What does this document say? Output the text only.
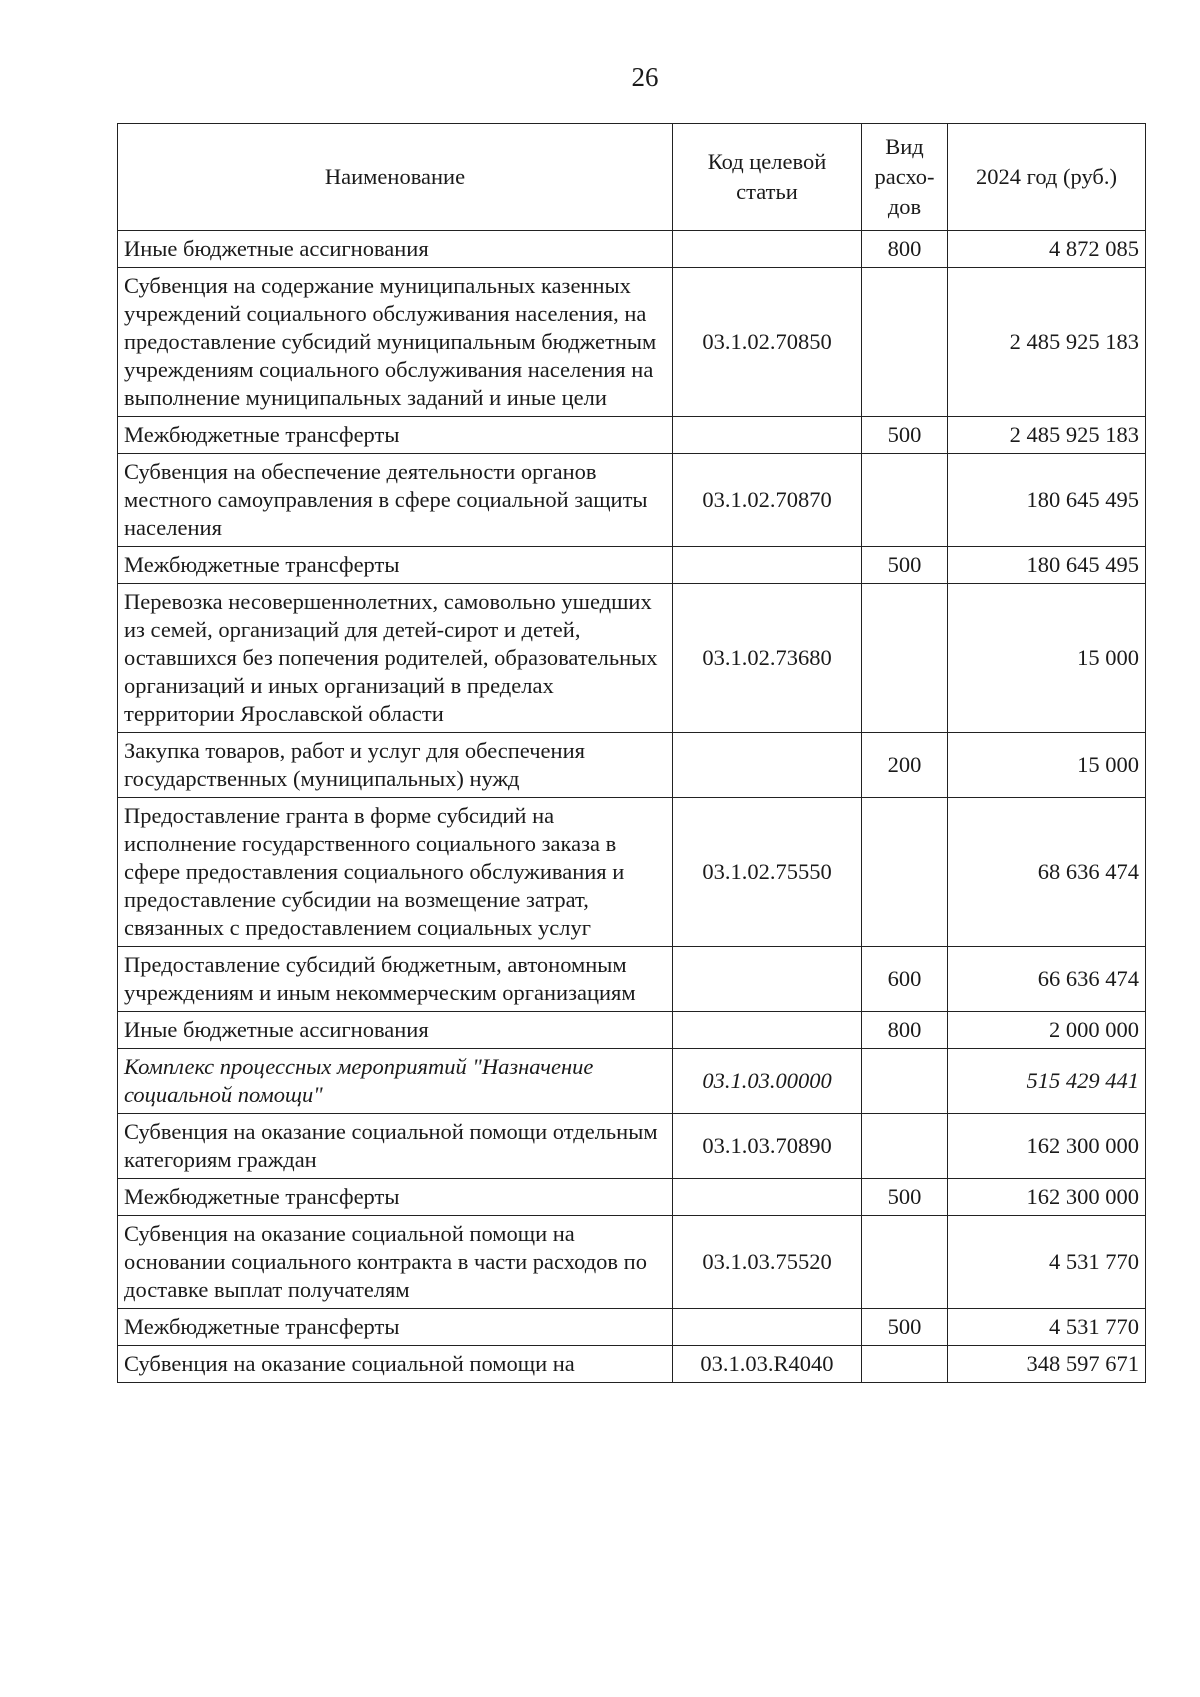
26
Наименование	Код целевой статьи	Вид расхо- дов	2024 год (руб.)
Иные бюджетные ассигнования		800	4 872 085
Субвенция на содержание муниципальных казенных учреждений социального обслуживания населения, на предоставление субсидий муниципальным бюджетным учреждениям социального обслуживания населения на выполнение муниципальных заданий и иные цели	03.1.02.70850		2 485 925 183
Межбюджетные трансферты		500	2 485 925 183
Субвенция на обеспечение деятельности органов местного самоуправления в сфере социальной защиты населения	03.1.02.70870		180 645 495
Межбюджетные трансферты		500	180 645 495
Перевозка несовершеннолетних, самовольно ушедших из семей, организаций для детей-сирот и детей, оставшихся без попечения родителей, образовательных организаций и иных организаций в пределах территории Ярославской области	03.1.02.73680		15 000
Закупка товаров, работ и услуг для обеспечения государственных (муниципальных) нужд		200	15 000
Предоставление гранта в форме субсидий на исполнение государственного социального заказа в сфере предоставления социального обслуживания и предоставление субсидии на возмещение затрат, связанных с предоставлением социальных услуг	03.1.02.75550		68 636 474
Предоставление субсидий бюджетным, автономным учреждениям и иным некоммерческим организациям		600	66 636 474
Иные бюджетные ассигнования		800	2 000 000
Комплекс процессных мероприятий "Назначение социальной помощи"	03.1.03.00000		515 429 441
Субвенция на оказание социальной помощи отдельным категориям граждан	03.1.03.70890		162 300 000
Межбюджетные трансферты		500	162 300 000
Субвенция на оказание социальной помощи на основании социального контракта в части расходов по доставке выплат получателям	03.1.03.75520		4 531 770
Межбюджетные трансферты		500	4 531 770
Субвенция на оказание социальной помощи на	03.1.03.R4040		348 597 671
